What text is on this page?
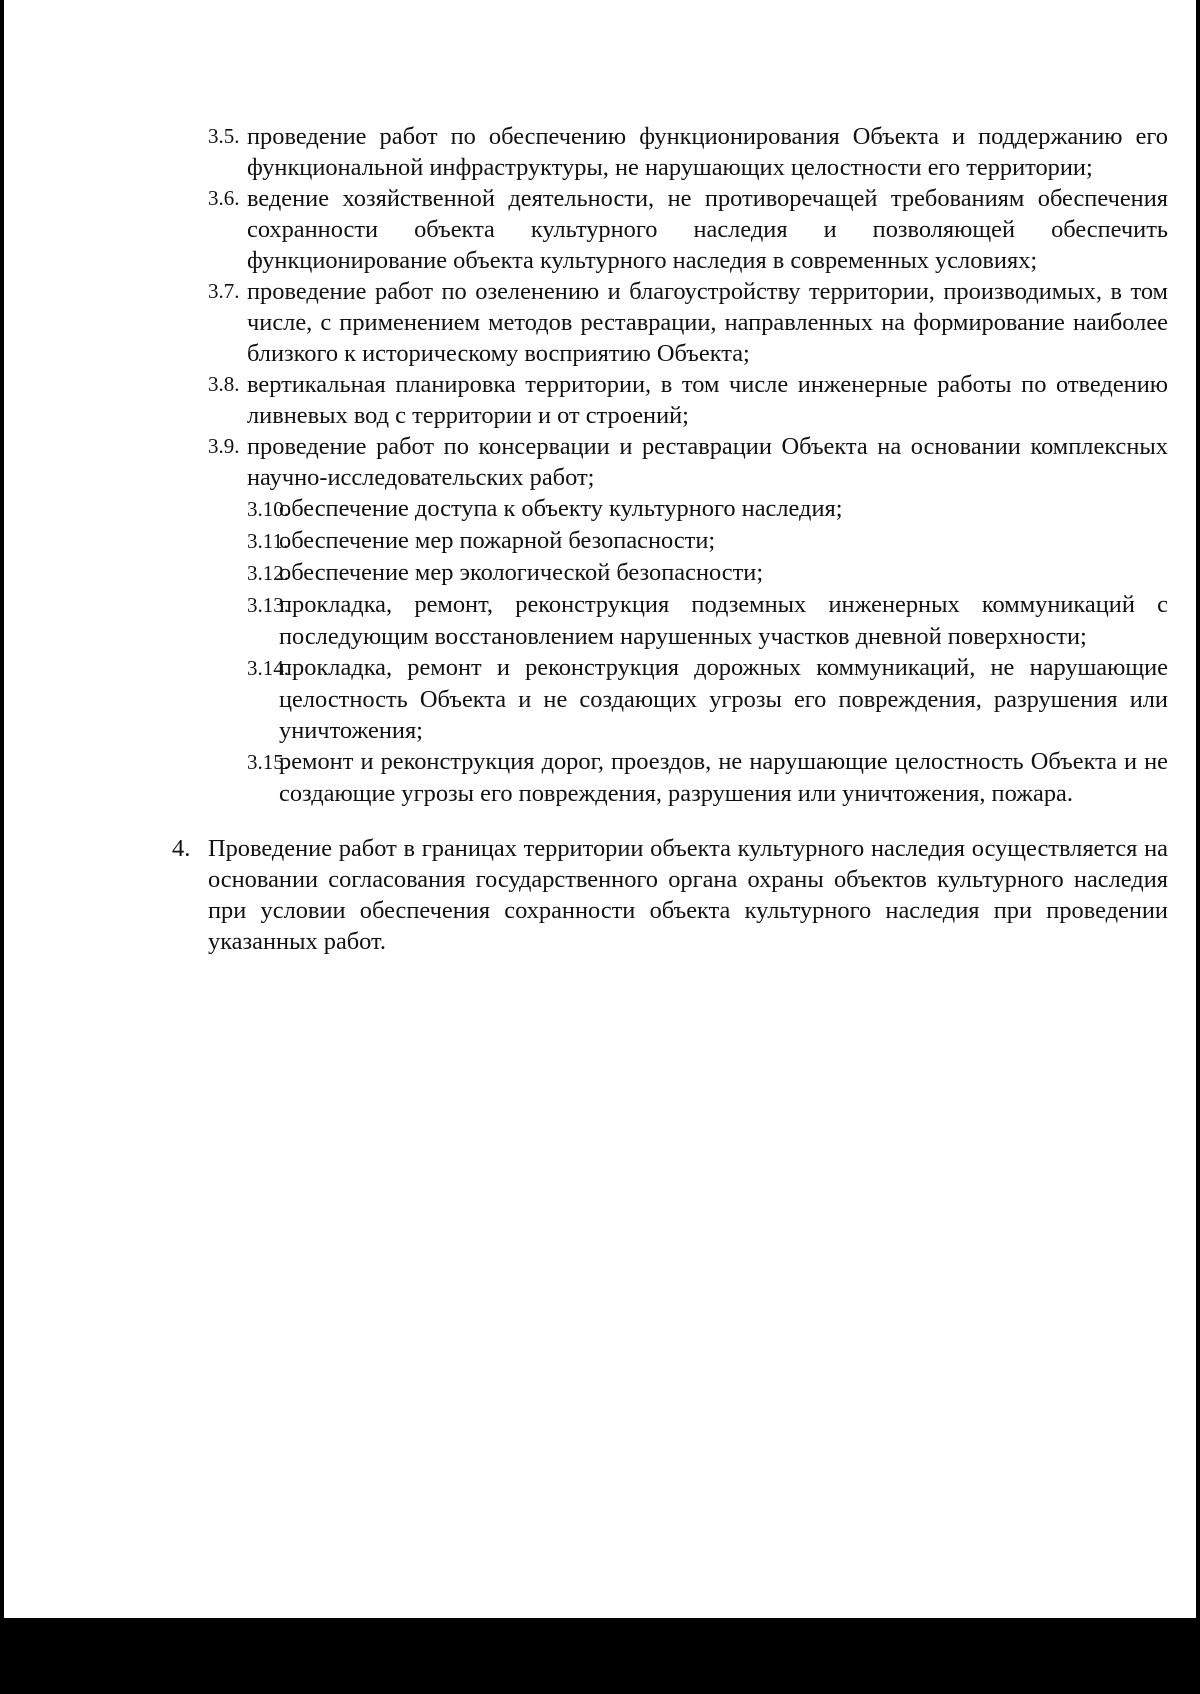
3.5. проведение работ по обеспечению функционирования Объекта и поддержанию его функциональной инфраструктуры, не нарушающих целостности его территории;

3.6. ведение хозяйственной деятельности, не противоречащей требованиям обеспечения сохранности объекта культурного наследия и позволяющей обеспечить функционирование объекта культурного наследия в современных условиях;

3.7. проведение работ по озеленению и благоустройству территории, производимых, в том числе, с применением методов реставрации, направленных на формирование наиболее близкого к историческому восприятию Объекта;

3.8. вертикальная планировка территории, в том числе инженерные работы по отведению ливневых вод с территории и от строений;

3.9. проведение работ по консервации и реставрации Объекта на основании комплексных научно-исследовательских работ;

3.10.обеспечение доступа к объекту культурного наследия;

3.11.обеспечение мер пожарной безопасности;

3.12.обеспечение мер экологической безопасности;

3.13.прокладка, ремонт, реконструкция подземных инженерных коммуникаций с последующим восстановлением нарушенных участков дневной поверхности;

3.14.прокладка, ремонт и реконструкция дорожных коммуникаций, не нарушающие целостность Объекта и не создающих угрозы его повреждения, разрушения или уничтожения;

3.15.ремонт и реконструкция дорог, проездов, не нарушающие целостность Объекта и не создающие угрозы его повреждения, разрушения или уничтожения, пожара.

4. Проведение работ в границах территории объекта культурного наследия осуществляется на основании согласования государственного органа охраны объектов культурного наследия при условии обеспечения сохранности объекта культурного наследия при проведении указанных работ.
